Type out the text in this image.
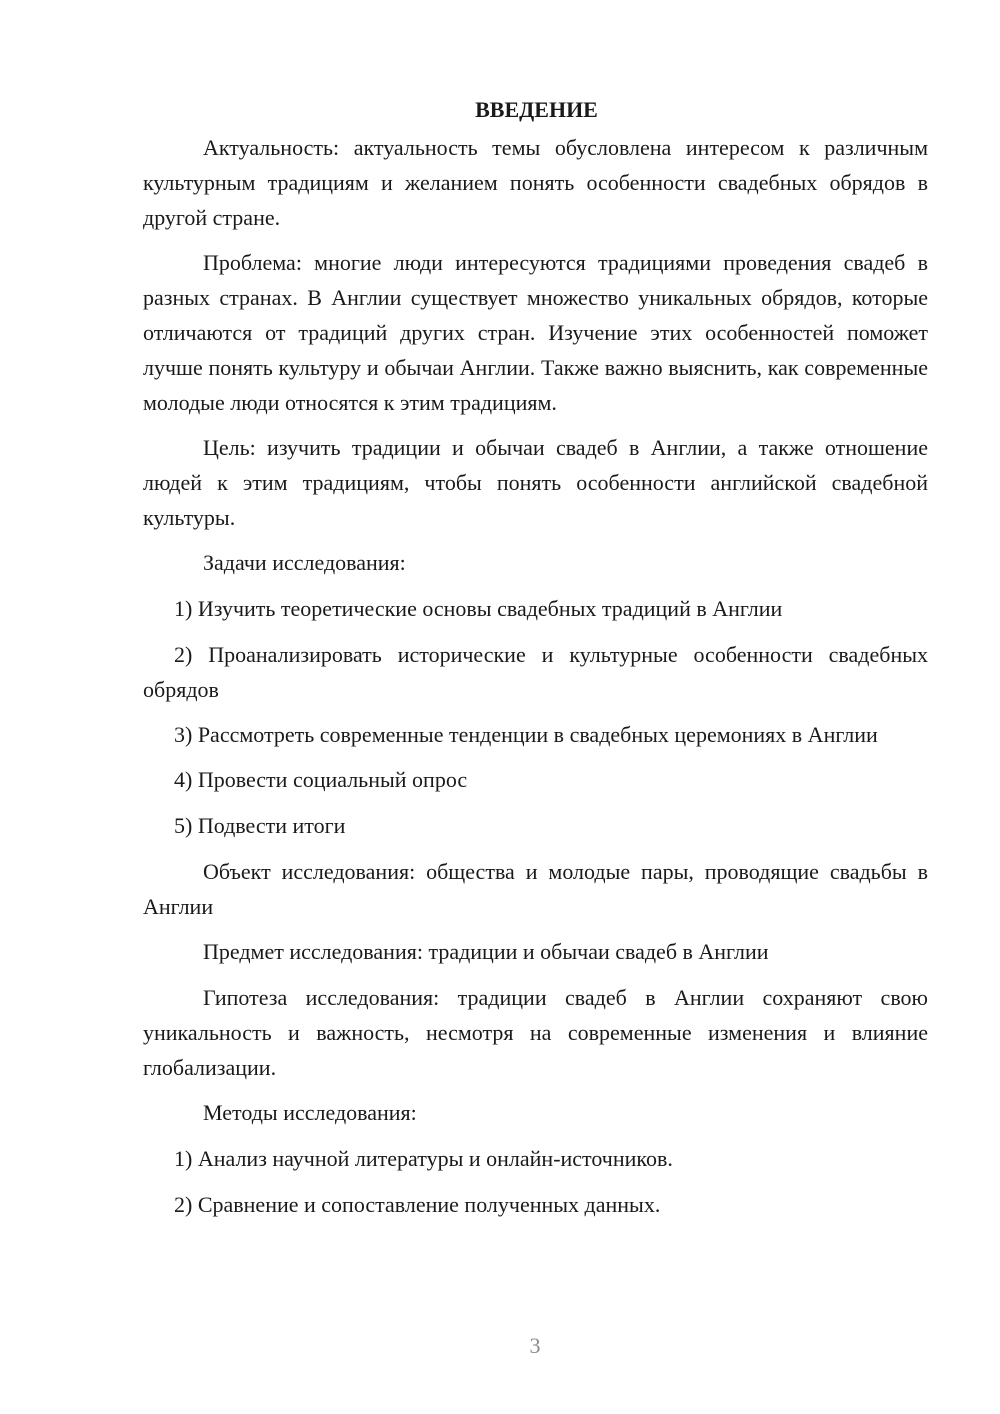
ВВЕДЕНИЕ

Актуальность: актуальность темы обусловлена интересом к различным культурным традициям и желанием понять особенности свадебных обрядов в другой стране.

Проблема: многие люди интересуются традициями проведения свадеб в разных странах. В Англии существует множество уникальных обрядов, которые отличаются от традиций других стран. Изучение этих особенностей поможет лучше понять культуру и обычаи Англии. Также важно выяснить, как современные молодые люди относятся к этим традициям.

Цель: изучить традиции и обычаи свадеб в Англии, а также отношение людей к этим традициям, чтобы понять особенности английской свадебной культуры.

Задачи исследования:

1) Изучить теоретические основы свадебных традиций в Англии

2) Проанализировать исторические и культурные особенности свадебных обрядов

3) Рассмотреть современные тенденции в свадебных церемониях в Англии

4) Провести социальный опрос

5) Подвести итоги

Объект исследования: общества и молодые пары, проводящие свадьбы в Англии

Предмет исследования: традиции и обычаи свадеб в Англии

Гипотеза исследования: традиции свадеб в Англии сохраняют свою уникальность и важность, несмотря на современные изменения и влияние глобализации.

Методы исследования:

1) Анализ научной литературы и онлайн-источников.

2) Сравнение и сопоставление полученных данных.

3
